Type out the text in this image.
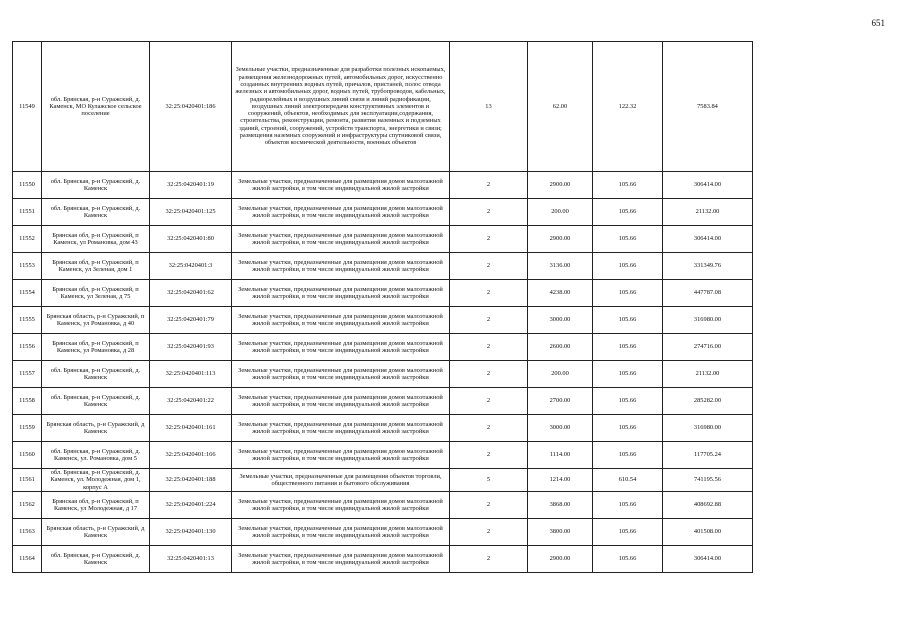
651
11549	обл. Брянская, р-н Суражский, д. Каменск, МО Кулажское сельское поселение	32:25:0420401:186	Земельные участки, предназначенные для разработки полезных ископаемых, размещения железнодорожных путей, автомобильных дорог, искусственно созданных внутренних водных путей, причалов, пристаней, полос отвода железных и автомобильных дорог, водных путей, трубопроводов, кабельных, радиорелейных и воздушных линий связи и линий радиофикации, воздушных линий электропередачи конструктивных элементов и сооружений, объектов, необходимых для эксплуатации,содержания, строительства, реконструкции, ремонта, развития наземных и подземных зданий, строений, сооружений, устройств транспорта, энергетики и связи; размещения наземных сооружений и инфраструктуры спутниковой связи, объектов космической деятельности, военных объектов	13	62.00	122.32	7583.84
11550	обл. Брянская, р-н Суражский, д. Каменск	32:25:0420401:19	Земельные участки, предназначенные для размещения домов малоэтажной жилой застройки, в том числе индивидуальной жилой застройки	2	2900.00	105.66	306414.00
11551	обл. Брянская, р-н Суражский, д. Каменск	32:25:0420401:125	Земельные участки, предназначенные для размещения домов малоэтажной жилой застройки, в том числе индивидуальной жилой застройки	2	200.00	105.66	21132.00
11552	Брянская обл, р-н Суражский, п Каменск, ул Романовка, дом 43	32:25:0420401:80	Земельные участки, предназначенные для размещения домов малоэтажной жилой застройки, в том числе индивидуальной жилой застройки	2	2900.00	105.66	306414.00
11553	Брянская обл, р-н Суражский, п Каменск, ул Зеленая, дом 1	32:25:0420401:3	Земельные участки, предназначенные для размещения домов малоэтажной жилой застройки, в том числе индивидуальной жилой застройки	2	3136.00	105.66	331349.76
11554	Брянская обл, р-н Суражский, п Каменск, ул Зеленая, д 75	32:25:0420401:62	Земельные участки, предназначенные для размещения домов малоэтажной жилой застройки, в том числе индивидуальной жилой застройки	2	4238.00	105.66	447787.08
11555	Брянская область, р-н Суражский, п Каменск, ул Романовка, д 40	32:25:0420401:79	Земельные участки, предназначенные для размещения домов малоэтажной жилой застройки, в том числе индивидуальной жилой застройки	2	3000.00	105.66	316980.00
11556	Брянская обл, р-н Суражский, п Каменск, ул Романовка, д 28	32:25:0420401:93	Земельные участки, предназначенные для размещения домов малоэтажной жилой застройки, в том числе индивидуальной жилой застройки	2	2600.00	105.66	274716.00
11557	обл. Брянская, р-н Суражский, д. Каменск	32:25:0420401:113	Земельные участки, предназначенные для размещения домов малоэтажной жилой застройки, в том числе индивидуальной жилой застройки	2	200.00	105.66	21132.00
11558	обл. Брянская, р-н Суражский, д. Каменск	32:25:0420401:22	Земельные участки, предназначенные для размещения домов малоэтажной жилой застройки, в том числе индивидуальной жилой застройки	2	2700.00	105.66	285282.00
11559	Брянская область, р-н Суражский, д Каменск	32:25:0420401:161	Земельные участки, предназначенные для размещения домов малоэтажной жилой застройки, в том числе индивидуальной жилой застройки	2	3000.00	105.66	316980.00
11560	обл. Брянская, р-н Суражский, д. Каменск, ул. Романовка, дом 5	32:25:0420401:166	Земельные участки, предназначенные для размещения домов малоэтажной жилой застройки, в том числе индивидуальной жилой застройки	2	1114.00	105.66	117705.24
11561	обл. Брянская, р-н Суражский, д. Каменск, ул. Молодежная, дом 1, корпус А	32:25:0420401:188	Земельные участки, предназначенные для размещения объектов торговли, общественного питания и бытового обслуживания	5	1214.00	610.54	741195.56
11562	Брянская обл, р-н Суражский, п Каменск, ул Молодежная, д 17	32:25:0420401:224	Земельные участки, предназначенные для размещения домов малоэтажной жилой застройки, в том числе индивидуальной жилой застройки	2	3868.00	105.66	408692.88
11563	Брянская область, р-н Суражский, д Каменск	32:25:0420401:130	Земельные участки, предназначенные для размещения домов малоэтажной жилой застройки, в том числе индивидуальной жилой застройки	2	3800.00	105.66	401508.00
11564	обл. Брянская, р-н Суражский, д. Каменск	32:25:0420401:13	Земельные участки, предназначенные для размещения домов малоэтажной жилой застройки, в том числе индивидуальной жилой застройки	2	2900.00	105.66	306414.00
